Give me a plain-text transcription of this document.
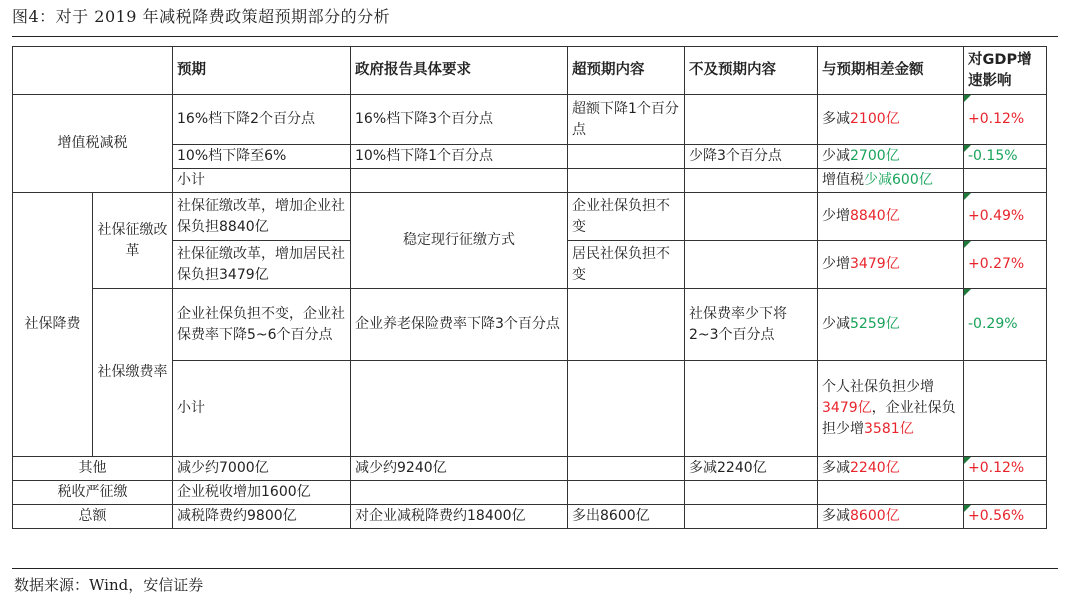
图4：对于 2019 年减税降费政策超预期部分的分析
		预期	政府报告具体要求	超预期内容	不及预期内容	与预期相差金额	对GDP增速影响
增值税减税		16%档下降2个百分点	16%档下降3个百分点	超额下降1个百分点		多减2100亿	+0.12%
		10%档下降至6%	10%档下降1个百分点		少降3个百分点	少减2700亿	-0.15%
		小计				增值税少减600亿	
社保降费	社保征缴改革	社保征缴改革，增加企业社保负担8840亿	稳定现行征缴方式	企业社保负担不变		少增8840亿	+0.49%
		社保征缴改革，增加居民社保负担3479亿		居民社保负担不变		少增3479亿	+0.27%
	社保缴费率	企业社保负担不变，企业社保费率下降5~6个百分点	企业养老保险费率下降3个百分点		社保费率少下将2~3个百分点	少减5259亿	-0.29%
		小计				个人社保负担少增3479亿，企业社保负担少增3581亿	
其他		减少约7000亿	减少约9240亿		多减2240亿	多减2240亿	+0.12%
税收严征缴		企业税收增加1600亿					
总额		减税降费约9800亿	对企业减税降费约18400亿	多出8600亿		多减8600亿	+0.56%
数据来源：Wind，安信证券
